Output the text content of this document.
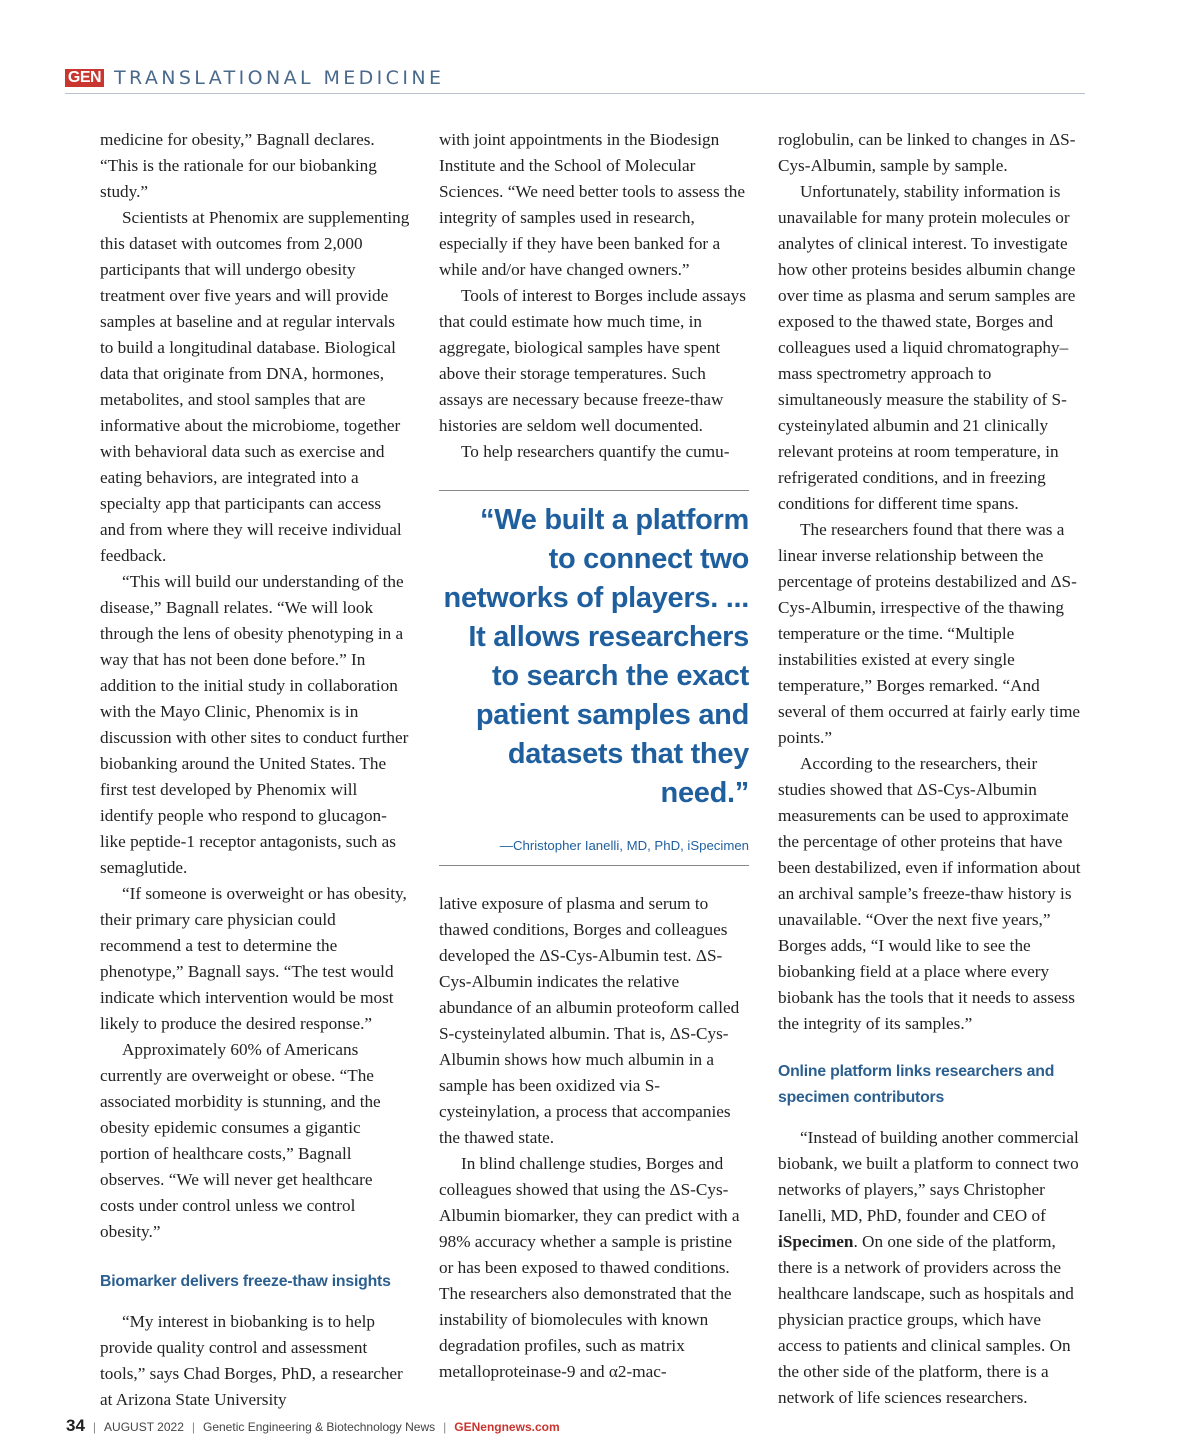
GEN TRANSLATIONAL MEDICINE

medicine for obesity,” Bagnall declares. “This is the rationale for our biobanking study.”

Scientists at Phenomix are supplementing this dataset with outcomes from 2,000 participants that will undergo obesity treatment over five years and will provide samples at baseline and at regular intervals to build a longitudinal database. Biological data that originate from DNA, hormones, metabolites, and stool samples that are informative about the microbiome, together with behavioral data such as exercise and eating behaviors, are integrated into a specialty app that participants can access and from where they will receive individual feedback.

“This will build our understanding of the disease,” Bagnall relates. “We will look through the lens of obesity phenotyping in a way that has not been done before.” In addition to the initial study in collaboration with the Mayo Clinic, Phenomix is in discussion with other sites to conduct further biobanking around the United States. The first test developed by Phenomix will identify people who respond to glucagon-like peptide-1 receptor antagonists, such as semaglutide.

“If someone is overweight or has obesity, their primary care physician could recommend a test to determine the phenotype,” Bagnall says. “The test would indicate which intervention would be most likely to produce the desired response.”

Approximately 60% of Americans currently are overweight or obese. “The associated morbidity is stunning, and the obesity epidemic consumes a gigantic portion of healthcare costs,” Bagnall observes. “We will never get healthcare costs under control unless we control obesity.”

Biomarker delivers freeze-thaw insights

“My interest in biobanking is to help provide quality control and assessment tools,” says Chad Borges, PhD, a researcher at Arizona State University

with joint appointments in the Biodesign Institute and the School of Molecular Sciences. “We need better tools to assess the integrity of samples used in research, especially if they have been banked for a while and/or have changed owners.”

Tools of interest to Borges include assays that could estimate how much time, in aggregate, biological samples have spent above their storage temperatures. Such assays are necessary because freeze-thaw histories are seldom well documented.

To help researchers quantify the cumu-

“We built a platform to connect two networks of players. ... It allows researchers to search the exact patient samples and datasets that they need.”

—Christopher Ianelli, MD, PhD, iSpecimen

lative exposure of plasma and serum to thawed conditions, Borges and colleagues developed the ΔS-Cys-Albumin test. ΔS-Cys-Albumin indicates the relative abundance of an albumin proteoform called S-cysteinylated albumin. That is, ΔS-Cys-Albumin shows how much albumin in a sample has been oxidized via S-cysteinylation, a process that accompanies the thawed state.

In blind challenge studies, Borges and colleagues showed that using the ΔS-Cys-Albumin biomarker, they can predict with a 98% accuracy whether a sample is pristine or has been exposed to thawed conditions. The researchers also demonstrated that the instability of biomolecules with known degradation profiles, such as matrix metalloproteinase-9 and α2-mac-

roglobulin, can be linked to changes in ΔS-Cys-Albumin, sample by sample.

Unfortunately, stability information is unavailable for many protein molecules or analytes of clinical interest. To investigate how other proteins besides albumin change over time as plasma and serum samples are exposed to the thawed state, Borges and colleagues used a liquid chromatography–mass spectrometry approach to simultaneously measure the stability of S-cysteinylated albumin and 21 clinically relevant proteins at room temperature, in refrigerated conditions, and in freezing conditions for different time spans.

The researchers found that there was a linear inverse relationship between the percentage of proteins destabilized and ΔS-Cys-Albumin, irrespective of the thawing temperature or the time. “Multiple instabilities existed at every single temperature,” Borges remarked. “And several of them occurred at fairly early time points.”

According to the researchers, their studies showed that ΔS-Cys-Albumin measurements can be used to approximate the percentage of other proteins that have been destabilized, even if information about an archival sample’s freeze-thaw history is unavailable. “Over the next five years,” Borges adds, “I would like to see the biobanking field at a place where every biobank has the tools that it needs to assess the integrity of its samples.”

Online platform links researchers and specimen contributors

“Instead of building another commercial biobank, we built a platform to connect two networks of players,” says Christopher Ianelli, MD, PhD, founder and CEO of iSpecimen. On one side of the platform, there is a network of providers across the healthcare landscape, such as hospitals and physician practice groups, which have access to patients and clinical samples. On the other side of the platform, there is a network of life sciences researchers.

34 | AUGUST 2022 | Genetic Engineering & Biotechnology News | GENengnews.com
